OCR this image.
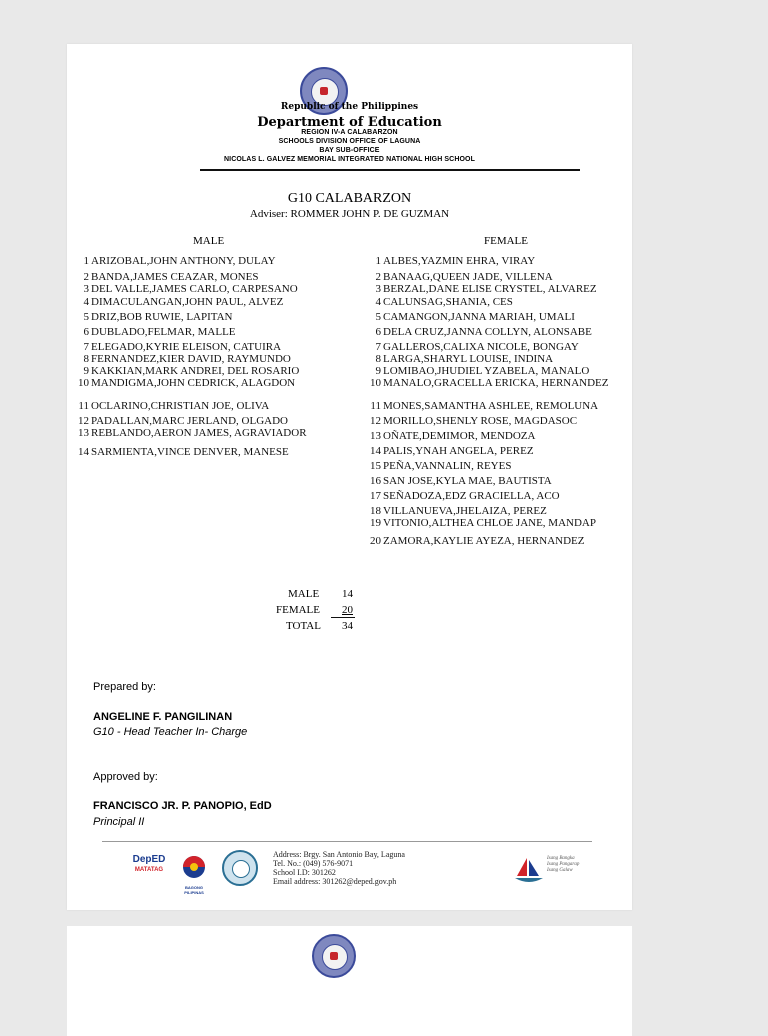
Republic of the Philippines
Department of Education
REGION IV-A CALABARZON
SCHOOLS DIVISION OFFICE OF LAGUNA
BAY SUB-OFFICE
NICOLAS L. GALVEZ MEMORIAL INTEGRATED NATIONAL HIGH SCHOOL
G10 CALABARZON
Adviser: ROMMER JOHN P. DE GUZMAN
MALE	FEMALE
1 ARIZOBAL,JOHN ANTHONY, DULAY
2 BANDA,JAMES CEAZAR, MONES
3 DEL VALLE,JAMES CARLO, CARPESANO
4 DIMACULANGAN,JOHN PAUL, ALVEZ
5 DRIZ,BOB RUWIE, LAPITAN
6 DUBLADO,FELMAR, MALLE
7 ELEGADO,KYRIE ELEISON, CATUIRA
8 FERNANDEZ,KIER DAVID, RAYMUNDO
9 KAKKIAN,MARK ANDREI, DEL ROSARIO
10 MANDIGMA,JOHN CEDRICK, ALAGDON
11 OCLARINO,CHRISTIAN JOE, OLIVA
12 PADALLAN,MARC JERLAND, OLGADO
13 REBLANDO,AERON JAMES, AGRAVIADOR
14 SARMIENTA,VINCE DENVER, MANESE
1 ALBES,YAZMIN EHRA, VIRAY
2 BANAAG,QUEEN JADE, VILLENA
3 BERZAL,DANE ELISE CRYSTEL, ALVAREZ
4 CALUNSAG,SHANIA, CES
5 CAMANGON,JANNA MARIAH, UMALI
6 DELA CRUZ,JANNA COLLYN, ALONSABE
7 GALLEROS,CALIXA NICOLE, BONGAY
8 LARGA,SHARYL LOUISE, INDINA
9 LOMIBAO,JHUDIEL YZABELA, MANALO
10 MANALO,GRACELLA ERICKA, HERNANDEZ
11 MONES,SAMANTHA ASHLEE, REMOLUNA
12 MORILLO,SHENLY ROSE, MAGDASOC
13 OÑATE,DEMIMOR, MENDOZA
14 PALIS,YNAH ANGELA, PEREZ
15 PEÑA,VANNALIN, REYES
16 SAN JOSE,KYLA MAE, BAUTISTA
17 SEÑADOZA,EDZ GRACIELLA, ACO
18 VILLANUEVA,JHELAIZA, PEREZ
19 VITONIO,ALTHEA CHLOE JANE, MANDAP
20 ZAMORA,KAYLIE AYEZA, HERNANDEZ
MALE 14
FEMALE 20
TOTAL 34
Prepared by:
ANGELINE F. PANGILINAN
G10 - Head Teacher In- Charge
Approved by:
FRANCISCO JR. P. PANOPIO, EdD
Principal II
DepED
MATATAG
BAGONG PILIPINAS
Address: Brgy. San Antonio Bay, Laguna
Tel. No.: (049) 576-9071
School I.D: 301262
Email address: 301262@deped.gov.ph
Isang Bangka
Isang Pangarap
Isang Galaw
